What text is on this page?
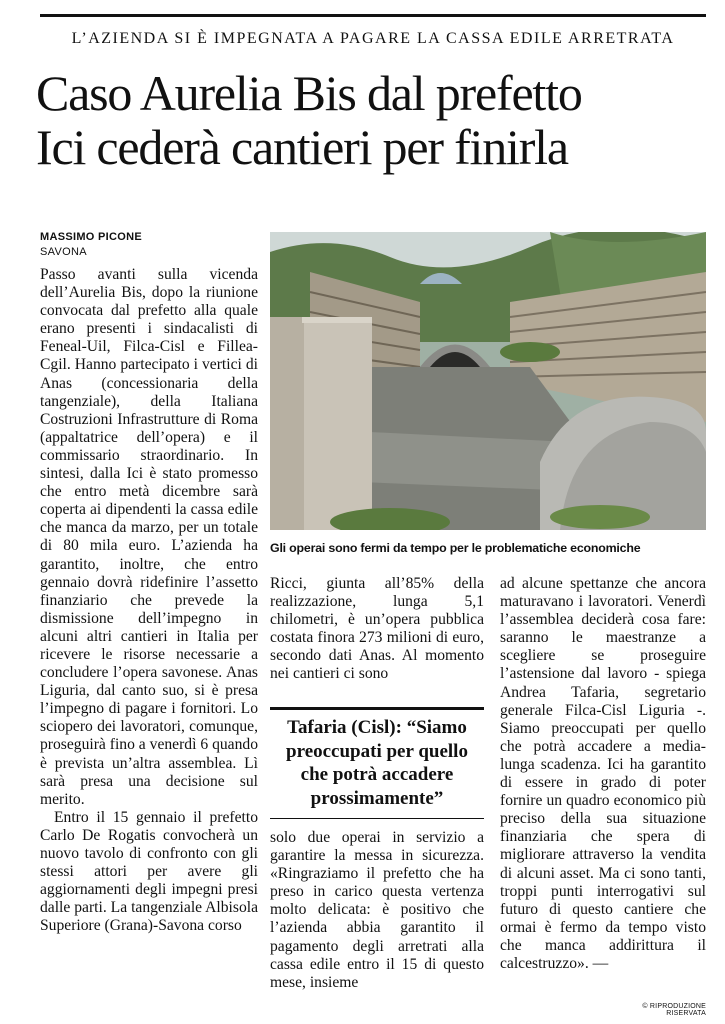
L’AZIENDA SI È IMPEGNATA A PAGARE LA CASSA EDILE ARRETRATA
Caso Aurelia Bis dal prefetto
Ici cederà cantieri per finirla
MASSIMO PICONE
SAVONA

Passo avanti sulla vicenda dell’Aurelia Bis, dopo la riunione convocata dal prefetto alla quale erano presenti i sindacalisti di Feneal-Uil, Filca-Cisl e Fillea-Cgil. Hanno partecipato i vertici di Anas (concessionaria della tangenziale), della Italiana Costruzioni Infrastrutture di Roma (appaltatrice dell’opera) e il commissario straordinario. In sintesi, dalla Ici è stato promesso che entro metà dicembre sarà coperta ai dipendenti la cassa edile che manca da marzo, per un totale di 80 mila euro. L’azienda ha garantito, inoltre, che entro gennaio dovrà ridefinire l’assetto finanziario che prevede la dismissione dell’impegno in alcuni altri cantieri in Italia per ricevere le risorse necessarie a concludere l’opera savonese. Anas Liguria, dal canto suo, si è presa l’impegno di pagare i fornitori. Lo sciopero dei lavoratori, comunque, proseguirà fino a venerdì 6 quando è prevista un’altra assemblea. Lì sarà presa una decisione sul merito.

Entro il 15 gennaio il prefetto Carlo De Rogatis convocherà un nuovo tavolo di confronto con gli stessi attori per avere gli aggiornamenti degli impegni presi dalle parti. La tangenziale Albisola Superiore (Grana)-Savona corso

Gli operai sono fermi da tempo per le problematiche economiche

Ricci, giunta all’85% della realizzazione, lunga 5,1 chilometri, è un’opera pubblica costata finora 273 milioni di euro, secondo dati Anas. Al momento nei cantieri ci sono

Tafaria (Cisl): “Siamo preoccupati per quello che potrà accadere prossimamente”

solo due operai in servizio a garantire la messa in sicurezza. «Ringraziamo il prefetto che ha preso in carico questa vertenza molto delicata: è positivo che l’azienda abbia garantito il pagamento degli arretrati alla cassa edile entro il 15 di questo mese, insieme

ad alcune spettanze che ancora maturavano i lavoratori. Venerdì l’assemblea deciderà cosa fare: saranno le maestranze a scegliere se proseguire l’astensione dal lavoro - spiega Andrea Tafaria, segretario generale Filca-Cisl Liguria -. Siamo preoccupati per quello che potrà accadere a media-lunga scadenza. Ici ha garantito di essere in grado di poter fornire un quadro economico più preciso della sua situazione finanziaria che spera di migliorare attraverso la vendita di alcuni asset. Ma ci sono tanti, troppi punti interrogativi sul futuro di questo cantiere che ormai è fermo da tempo visto che manca addirittura il calcestruzzo». —

© RIPRODUZIONE RISERVATA
